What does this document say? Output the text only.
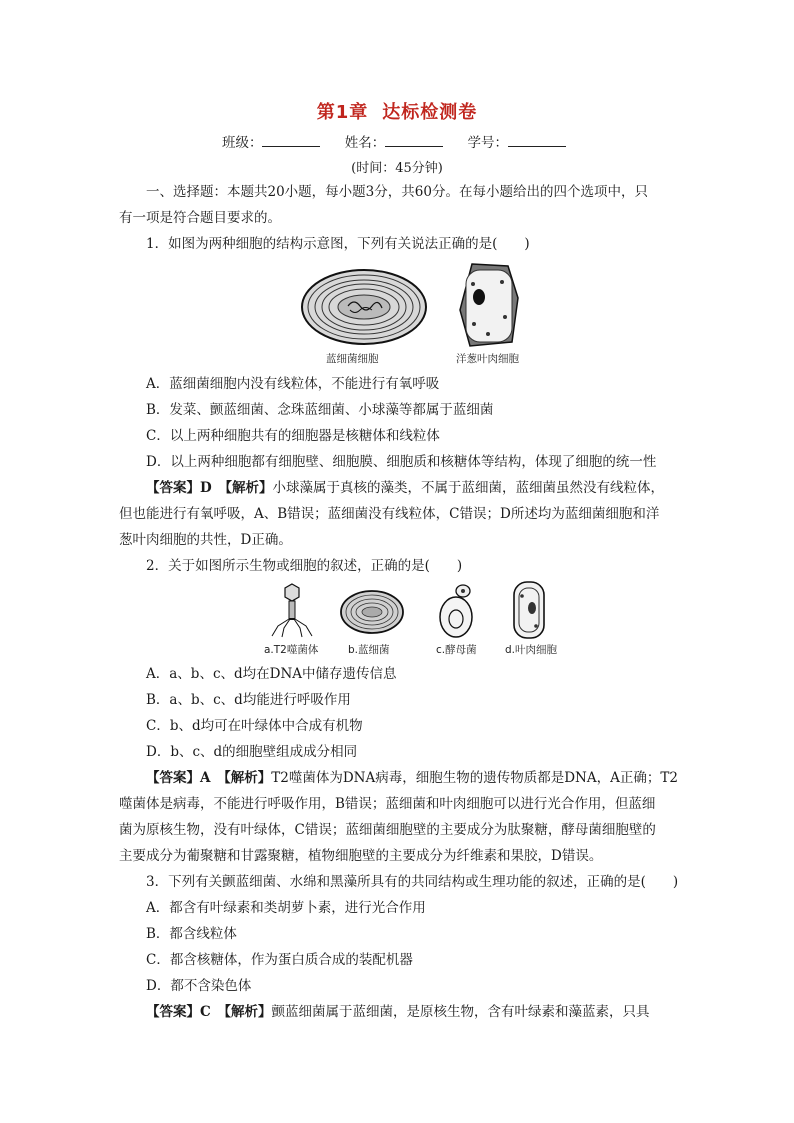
第1章 达标检测卷
班级：	姓名：	学号：
(时间：45分钟)
一、选择题：本题共20小题，每小题3分，共60分。在每小题给出的四个选项中，只
有一项是符合题目要求的。
1．如图为两种细胞的结构示意图，下列有关说法正确的是(　　)
蓝细菌细胞	洋葱叶肉细胞
A．蓝细菌细胞内没有线粒体，不能进行有氧呼吸
B．发菜、颤蓝细菌、念珠蓝细菌、小球藻等都属于蓝细菌
C．以上两种细胞共有的细胞器是核糖体和线粒体
D．以上两种细胞都有细胞壁、细胞膜、细胞质和核糖体等结构，体现了细胞的统一性
【答案】D　【解析】小球藻属于真核的藻类，不属于蓝细菌，蓝细菌虽然没有线粒体，
但也能进行有氧呼吸，A、B错误；蓝细菌没有线粒体，C错误；D所述均为蓝细菌细胞和洋
葱叶肉细胞的共性，D正确。
2．关于如图所示生物或细胞的叙述，正确的是(　　)
a.T2噬菌体	b.蓝细菌	c.酵母菌	d.叶肉细胞
A．a、b、c、d均在DNA中储存遗传信息
B．a、b、c、d均能进行呼吸作用
C．b、d均可在叶绿体中合成有机物
D．b、c、d的细胞壁组成成分相同
【答案】A　【解析】T2噬菌体为DNA病毒，细胞生物的遗传物质都是DNA，A正确；T2
噬菌体是病毒，不能进行呼吸作用，B错误；蓝细菌和叶肉细胞可以进行光合作用，但蓝细
菌为原核生物，没有叶绿体，C错误；蓝细菌细胞壁的主要成分为肽聚糖，酵母菌细胞壁的
主要成分为葡聚糖和甘露聚糖，植物细胞壁的主要成分为纤维素和果胶，D错误。
3．下列有关颤蓝细菌、水绵和黑藻所具有的共同结构或生理功能的叙述，正确的是(　　)
A．都含有叶绿素和类胡萝卜素，进行光合作用
B．都含线粒体
C．都含核糖体，作为蛋白质合成的装配机器
D．都不含染色体
【答案】C　【解析】颤蓝细菌属于蓝细菌，是原核生物，含有叶绿素和藻蓝素，只具
